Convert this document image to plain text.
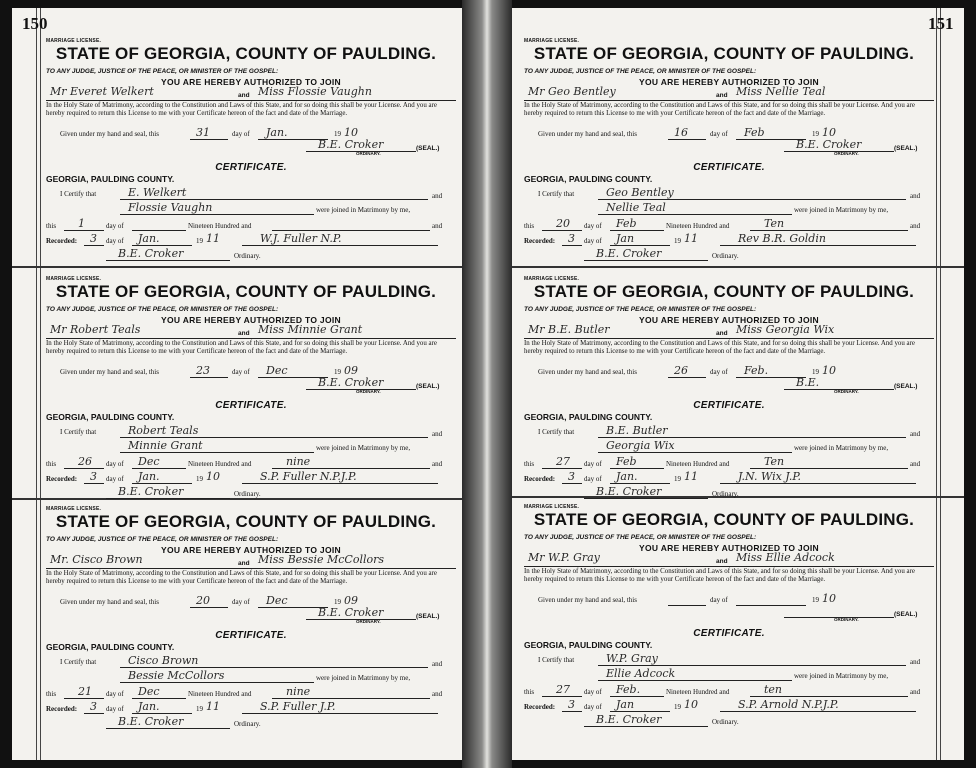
150	151
MARRIAGE LICENSE.
STATE OF GEORGIA, COUNTY OF PAULDING.
TO ANY JUDGE, JUSTICE OF THE PEACE, OR MINISTER OF THE GOSPEL:
YOU ARE HEREBY AUTHORIZED TO JOIN
Mr Everet Welkert	and Miss Flossie Vaughn
In the Holy State of Matrimony, according to the Constitution and Laws of this State, and for so doing this shall be your License. And you are hereby required to return this License to me with your Certificate hereon of the fact and date of the Marriage.
Given under my hand and seal, this	31	day of Jan.	19 10
B.E. Croker
ORDINARY.
(SEAL.)
CERTIFICATE.
GEORGIA, PAULDING COUNTY.
I Certify that	E. Welkert	and
Flossie Vaughn	were joined in Matrimony by me,
this 1	day of	Nineteen Hundred and	and
Recorded: 3 day of Jan.	19 11	W.J. Fuller N.P.
B.E. Croker	Ordinary.
MARRIAGE LICENSE.
STATE OF GEORGIA, COUNTY OF PAULDING.
TO ANY JUDGE, JUSTICE OF THE PEACE, OR MINISTER OF THE GOSPEL:
YOU ARE HEREBY AUTHORIZED TO JOIN
Mr Geo Bentley	and Miss Nellie Teal
In the Holy State of Matrimony, according to the Constitution and Laws of this State, and for so doing this shall be your License. And you are hereby required to return this License to me with your Certificate hereon of the fact and date of the Marriage.
Given under my hand and seal, this	16	day of Feb	19 10
B.E. Croker
ORDINARY.
(SEAL.)
CERTIFICATE.
GEORGIA, PAULDING COUNTY.
I Certify that	Geo Bentley	and
Nellie Teal	were joined in Matrimony by me,
this 20 day of Feb	Nineteen Hundred and	Ten	and
Recorded: 3 day of Jan	19 11	Rev B.R. Goldin
B.E. Croker	Ordinary.
MARRIAGE LICENSE.
STATE OF GEORGIA, COUNTY OF PAULDING.
TO ANY JUDGE, JUSTICE OF THE PEACE, OR MINISTER OF THE GOSPEL:
YOU ARE HEREBY AUTHORIZED TO JOIN
Mr Robert Teals	and Miss Minnie Grant
In the Holy State of Matrimony, according to the Constitution and Laws of this State, and for so doing this shall be your License. And you are hereby required to return this License to me with your Certificate hereon of the fact and date of the Marriage.
Given under my hand and seal, this	23	day of Dec	19 09
B.E. Croker
ORDINARY.
(SEAL.)
CERTIFICATE.
GEORGIA, PAULDING COUNTY.
I Certify that	Robert Teals	and
Minnie Grant	were joined in Matrimony by me,
this 26 day of Dec	Nineteen Hundred and	nine	and
Recorded: 3 day of Jan.	19 10	S.P. Fuller N.P.J.P.
B.E. Croker	Ordinary.
MARRIAGE LICENSE.
STATE OF GEORGIA, COUNTY OF PAULDING.
TO ANY JUDGE, JUSTICE OF THE PEACE, OR MINISTER OF THE GOSPEL:
YOU ARE HEREBY AUTHORIZED TO JOIN
Mr B.E. Butler	and Miss Georgia Wix
In the Holy State of Matrimony, according to the Constitution and Laws of this State, and for so doing this shall be your License. And you are hereby required to return this License to me with your Certificate hereon of the fact and date of the Marriage.
Given under my hand and seal, this	26	day of Feb.	19 10
B.E.
ORDINARY.
(SEAL.)
CERTIFICATE.
GEORGIA, PAULDING COUNTY.
I Certify that	B.E. Butler	and
Georgia Wix	were joined in Matrimony by me,
this 27 day of Feb	Nineteen Hundred and	Ten	and
Recorded: 3 day of Jan.	19 11	J.N. Wix J.P.
B.E. Croker	Ordinary.
MARRIAGE LICENSE.
STATE OF GEORGIA, COUNTY OF PAULDING.
TO ANY JUDGE, JUSTICE OF THE PEACE, OR MINISTER OF THE GOSPEL:
YOU ARE HEREBY AUTHORIZED TO JOIN
Mr. Cisco Brown	and Miss Bessie McCollors
In the Holy State of Matrimony, according to the Constitution and Laws of this State, and for so doing this shall be your License. And you are hereby required to return this License to me with your Certificate hereon of the fact and date of the Marriage.
Given under my hand and seal, this	20	day of Dec	19 09
B.E. Croker
ORDINARY.
(SEAL.)
CERTIFICATE.
GEORGIA, PAULDING COUNTY.
I Certify that	Cisco Brown	and
Bessie McCollors	were joined in Matrimony by me,
this 21 day of Dec	Nineteen Hundred and	nine	and
Recorded: 3 day of Jan.	19 11	S.P. Fuller J.P.
B.E. Croker	Ordinary.
MARRIAGE LICENSE.
STATE OF GEORGIA, COUNTY OF PAULDING.
TO ANY JUDGE, JUSTICE OF THE PEACE, OR MINISTER OF THE GOSPEL:
YOU ARE HEREBY AUTHORIZED TO JOIN
Mr W.P. Gray	and Miss Ellie Adcock
In the Holy State of Matrimony, according to the Constitution and Laws of this State, and for so doing this shall be your License. And you are hereby required to return this License to me with your Certificate hereon of the fact and date of the Marriage.
Given under my hand and seal, this	day of	19 10
ORDINARY.
(SEAL.)
CERTIFICATE.
GEORGIA, PAULDING COUNTY.
I Certify that	W.P. Gray	and
Ellie Adcock	were joined in Matrimony by me,
this 27 day of Feb.	Nineteen Hundred and	ten	and
Recorded: 3 day of Jan	19 10	S.P. Arnold N.P.J.P.
B.E. Croker	Ordinary.
